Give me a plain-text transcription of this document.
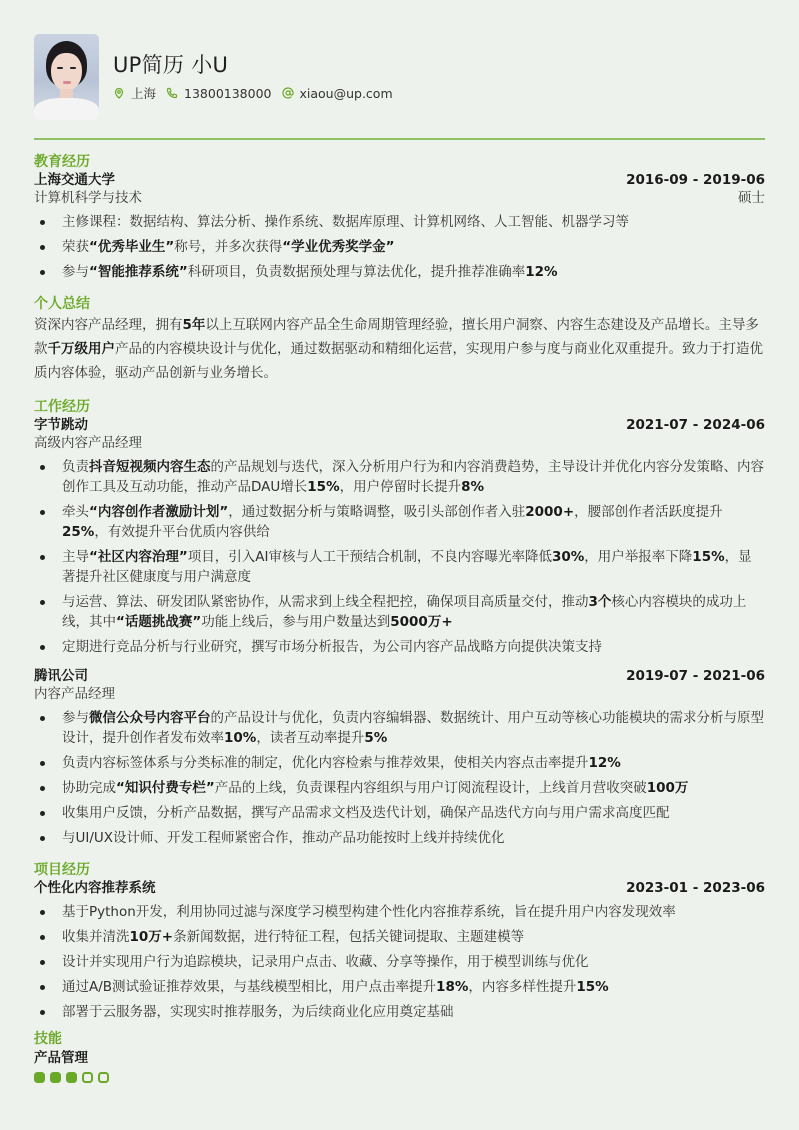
UP简历 小U
上海 13800138000 xiaou@up.com
教育经历
上海交通大学	2016-09 - 2019-06
计算机科学与技术	硕士
主修课程：数据结构、算法分析、操作系统、数据库原理、计算机网络、人工智能、机器学习等
荣获“优秀毕业生”称号，并多次获得“学业优秀奖学金”
参与“智能推荐系统”科研项目，负责数据预处理与算法优化，提升推荐准确率12%
个人总结
资深内容产品经理，拥有5年以上互联网内容产品全生命周期管理经验，擅长用户洞察、内容生态建设及产品增长。主导多款千万级用户产品的内容模块设计与优化，通过数据驱动和精细化运营，实现用户参与度与商业化双重提升。致力于打造优质内容体验，驱动产品创新与业务增长。
工作经历
字节跳动	2021-07 - 2024-06
高级内容产品经理
负责抖音短视频内容生态的产品规划与迭代，深入分析用户行为和内容消费趋势，主导设计并优化内容分发策略、内容创作工具及互动功能，推动产品DAU增长15%，用户停留时长提升8%
牵头“内容创作者激励计划”，通过数据分析与策略调整，吸引头部创作者入驻2000+，腰部创作者活跃度提升25%，有效提升平台优质内容供给
主导“社区内容治理”项目，引入AI审核与人工干预结合机制，不良内容曝光率降低30%，用户举报率下降15%，显著提升社区健康度与用户满意度
与运营、算法、研发团队紧密协作，从需求到上线全程把控，确保项目高质量交付，推动3个核心内容模块的成功上线，其中“话题挑战赛”功能上线后，参与用户数量达到5000万+
定期进行竞品分析与行业研究，撰写市场分析报告，为公司内容产品战略方向提供决策支持
腾讯公司	2019-07 - 2021-06
内容产品经理
参与微信公众号内容平台的产品设计与优化，负责内容编辑器、数据统计、用户互动等核心功能模块的需求分析与原型设计，提升创作者发布效率10%，读者互动率提升5%
负责内容标签体系与分类标准的制定，优化内容检索与推荐效果，使相关内容点击率提升12%
协助完成“知识付费专栏”产品的上线，负责课程内容组织与用户订阅流程设计，上线首月营收突破100万
收集用户反馈，分析产品数据，撰写产品需求文档及迭代计划，确保产品迭代方向与用户需求高度匹配
与UI/UX设计师、开发工程师紧密合作，推动产品功能按时上线并持续优化
项目经历
个性化内容推荐系统	2023-01 - 2023-06
基于Python开发，利用协同过滤与深度学习模型构建个性化内容推荐系统，旨在提升用户内容发现效率
收集并清洗10万+条新闻数据，进行特征工程，包括关键词提取、主题建模等
设计并实现用户行为追踪模块，记录用户点击、收藏、分享等操作，用于模型训练与优化
通过A/B测试验证推荐效果，与基线模型相比，用户点击率提升18%，内容多样性提升15%
部署于云服务器，实现实时推荐服务，为后续商业化应用奠定基础
技能
产品管理
